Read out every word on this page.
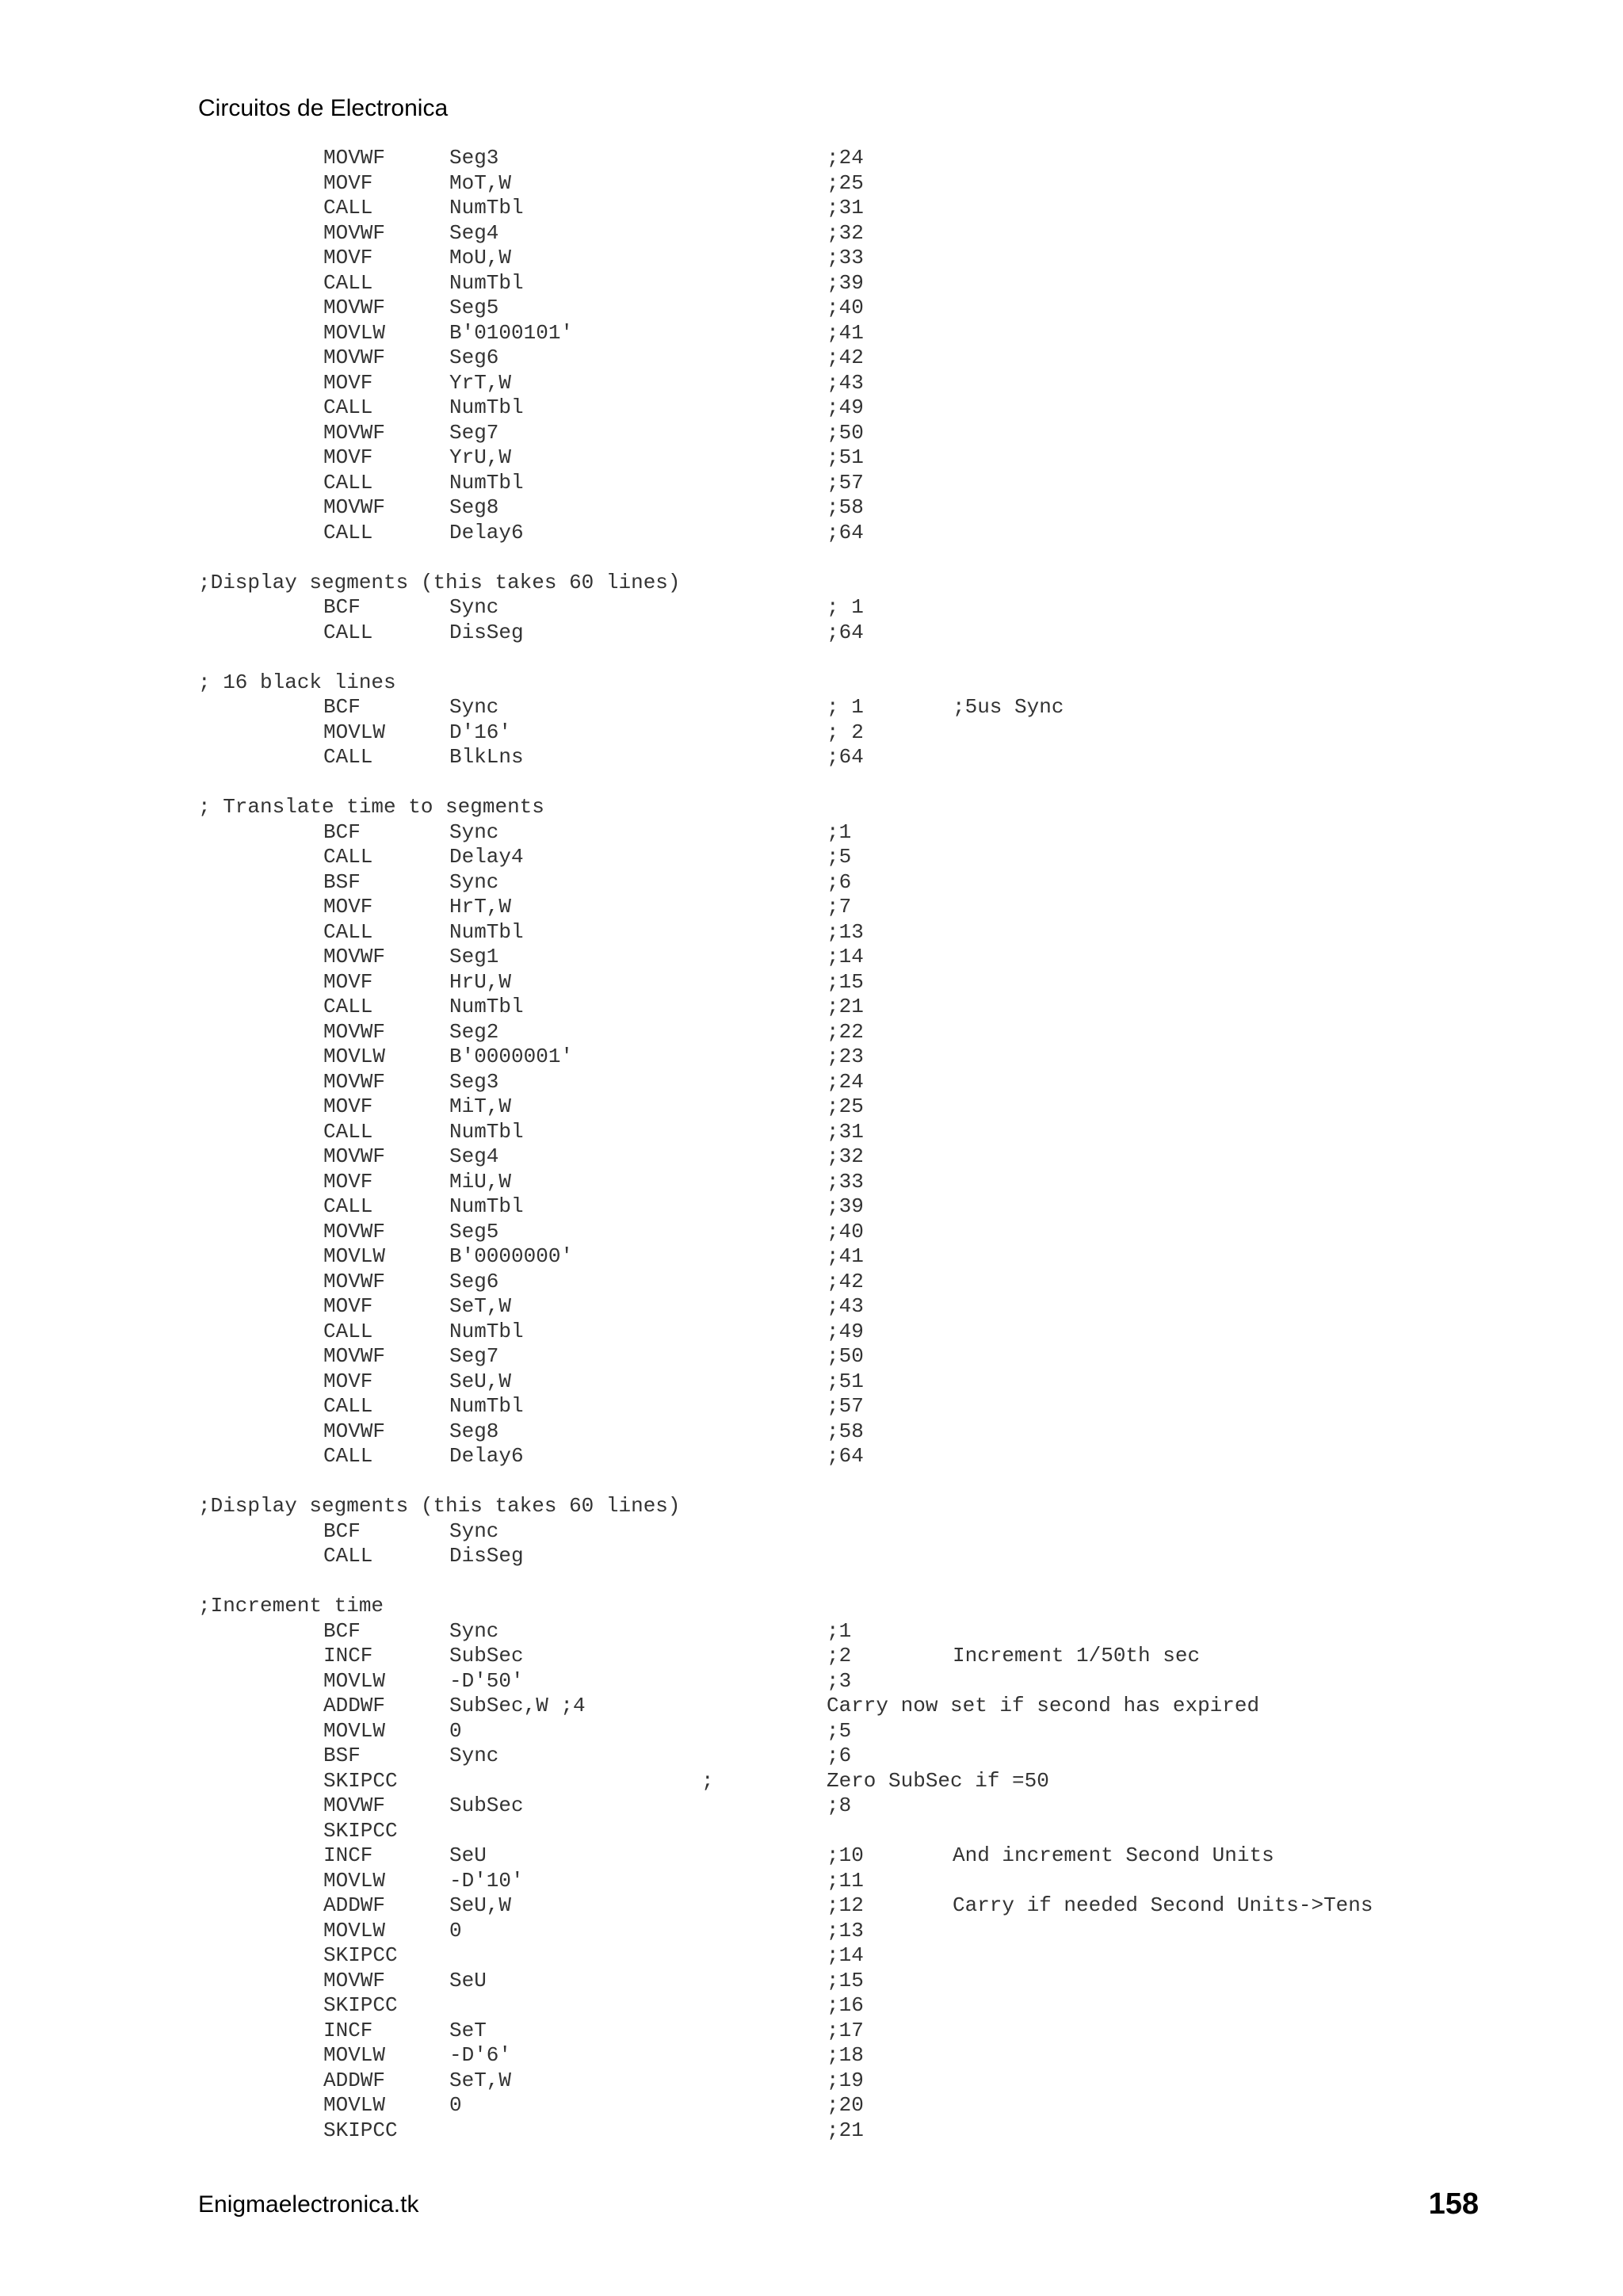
Circuitos de Electronica
MOVWF	Seg3	;24
MOVF	MoT,W	;25
CALL	NumTbl	;31
MOVWF	Seg4	;32
MOVF	MoU,W	;33
CALL	NumTbl	;39
MOVWF	Seg5	;40
MOVLW	B'0100101'	;41
MOVWF	Seg6	;42
MOVF	YrT,W	;43
CALL	NumTbl	;49
MOVWF	Seg7	;50
MOVF	YrU,W	;51
CALL	NumTbl	;57
MOVWF	Seg8	;58
CALL	Delay6	;64
;Display segments (this takes 60 lines)
BCF	Sync	; 1
CALL	DisSeg	;64
; 16 black lines
BCF	Sync	; 1	;5us Sync
MOVLW	D'16'	; 2
CALL	BlkLns	;64
; Translate time to segments
BCF	Sync	;1
CALL	Delay4	;5
BSF	Sync	;6
MOVF	HrT,W	;7
CALL	NumTbl	;13
MOVWF	Seg1	;14
MOVF	HrU,W	;15
CALL	NumTbl	;21
MOVWF	Seg2	;22
MOVLW	B'0000001'	;23
MOVWF	Seg3	;24
MOVF	MiT,W	;25
CALL	NumTbl	;31
MOVWF	Seg4	;32
MOVF	MiU,W	;33
CALL	NumTbl	;39
MOVWF	Seg5	;40
MOVLW	B'0000000'	;41
MOVWF	Seg6	;42
MOVF	SeT,W	;43
CALL	NumTbl	;49
MOVWF	Seg7	;50
MOVF	SeU,W	;51
CALL	NumTbl	;57
MOVWF	Seg8	;58
CALL	Delay6	;64
;Display segments (this takes 60 lines)
BCF	Sync
CALL	DisSeg
;Increment time
BCF	Sync	;1
INCF	SubSec	;2	Increment 1/50th sec
MOVLW	-D'50'	;3
ADDWF	SubSec,W ;4	Carry now set if second has expired
MOVLW	0	;5
BSF	Sync	;6
SKIPCC	;	Zero SubSec if =50
MOVWF	SubSec	;8
SKIPCC
INCF	SeU	;10	And increment Second Units
MOVLW	-D'10'	;11
ADDWF	SeU,W	;12	Carry if needed Second Units->Tens
MOVLW	0	;13
SKIPCC	;14
MOVWF	SeU	;15
SKIPCC	;16
INCF	SeT	;17
MOVLW	-D'6'	;18
ADDWF	SeT,W	;19
MOVLW	0	;20
SKIPCC	;21
Enigmaelectronica.tk	158
